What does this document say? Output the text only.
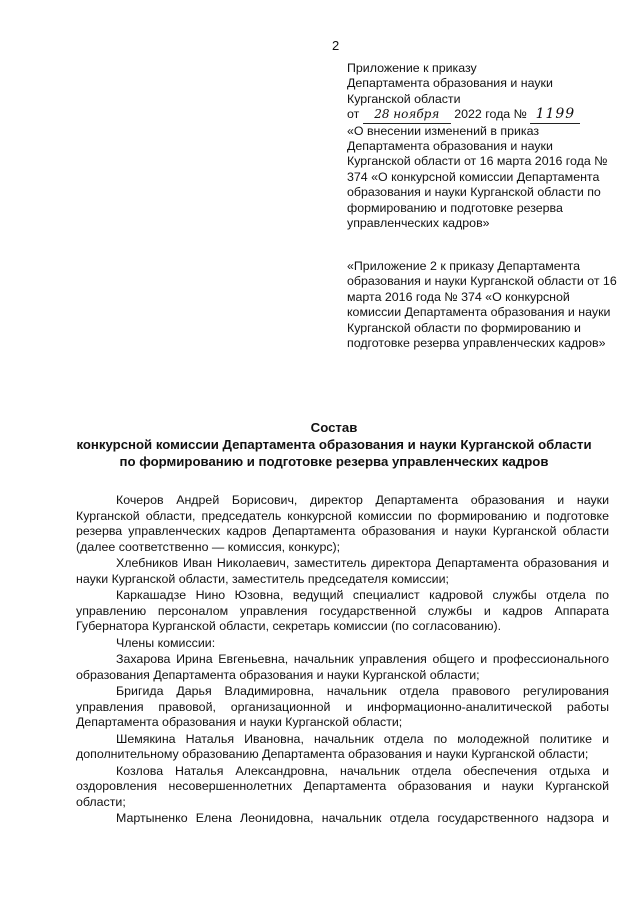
2

Приложение к приказу

Департамента образования и науки

Курганской области

от 28 ноября 2022 года № 1199

«О внесении изменений в приказ Департамента образования и науки Курганской области от 16 марта 2016 года № 374 «О конкурсной комиссии Департамента образования и науки Курганской области по формированию и подготовке резерва управленческих кадров»

«Приложение 2 к приказу Департамента образования и науки Курганской области от 16 марта 2016 года № 374 «О конкурсной комиссии Департамента образования и науки Курганской области по формированию и подготовке резерва управленческих кадров»

Состав

конкурсной комиссии Департамента образования и науки Курганской области по формированию и подготовке резерва управленческих кадров

Кочеров Андрей Борисович, директор Департамента образования и науки Курганской области, председатель конкурсной комиссии по формированию и подготовке резерва управленческих кадров Департамента образования и науки Курганской области (далее соответственно — комиссия, конкурс);

Хлебников Иван Николаевич, заместитель директора Департамента образования и науки Курганской области, заместитель председателя комиссии;

Каркашадзе Нино Юзовна, ведущий специалист кадровой службы отдела по управлению персоналом управления государственной службы и кадров Аппарата Губернатора Курганской области, секретарь комиссии (по согласованию).

Члены комиссии:

Захарова Ирина Евгеньевна, начальник управления общего и профессионального образования Департамента образования и науки Курганской области;

Бригида Дарья Владимировна, начальник отдела правового регулирования управления правовой, организационной и информационно-аналитической работы Департамента образования и науки Курганской области;

Шемякина Наталья Ивановна, начальник отдела по молодежной политике и дополнительному образованию Департамента образования и науки Курганской области;

Козлова Наталья Александровна, начальник отдела обеспечения отдыха и оздоровления несовершеннолетних Департамента образования и науки Курганской области;

Мартыненко Елена Леонидовна, начальник отдела государственного надзора и
